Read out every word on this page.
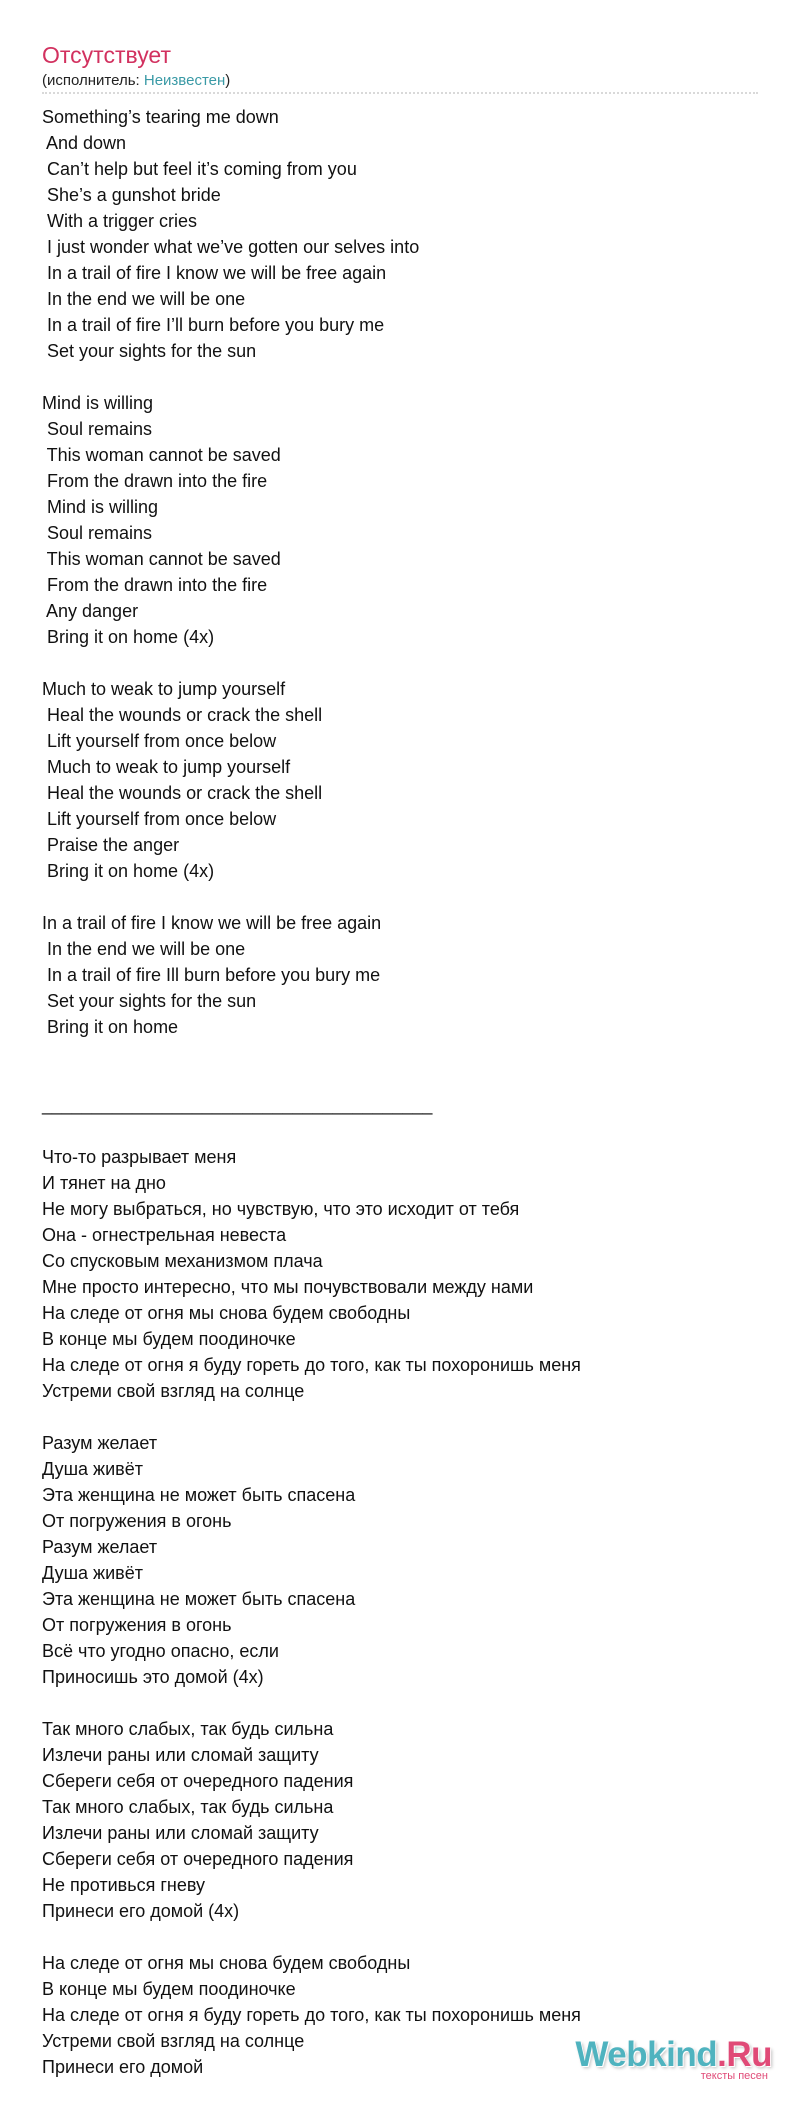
Отсутствует
(исполнитель: Неизвестен)
Something’s tearing me down
And down
Can’t help but feel it’s coming from you
She’s a gunshot bride
With a trigger cries
I just wonder what we’ve gotten our selves into
In a trail of fire I know we will be free again
In the end we will be one
In a trail of fire I’ll burn before you bury me
Set your sights for the sun
Mind is willing
Soul remains
This woman cannot be saved
From the drawn into the fire
Mind is willing
Soul remains
This woman cannot be saved
From the drawn into the fire
Any danger
Bring it on home (4x)
Much to weak to jump yourself
Heal the wounds or crack the shell
Lift yourself from once below
Much to weak to jump yourself
Heal the wounds or crack the shell
Lift yourself from once below
Praise the anger
Bring it on home (4x)
In a trail of fire I know we will be free again
In the end we will be one
In a trail of fire Ill burn before you bury me
Set your sights for the sun
Bring it on home
_______________________________________
Что-то разрывает меня
И тянет на дно
Не могу выбраться, но чувствую, что это исходит от тебя
Она - огнестрельная невеста
Со спусковым механизмом плача
Мне просто интересно, что мы почувствовали между нами
На следе от огня мы снова будем свободны
В конце мы будем поодиночке
На следе от огня я буду гореть до того, как ты похоронишь меня
Устреми свой взгляд на солнце
Разум желает
Душа живёт
Эта женщина не может быть спасена
От погружения в огонь
Разум желает
Душа живёт
Эта женщина не может быть спасена
От погружения в огонь
Всё что угодно опасно, если
Приносишь это домой (4x)
Так много слабых, так будь сильна
Излечи раны или сломай защиту
Сбереги себя от очередного падения
Так много слабых, так будь сильна
Излечи раны или сломай защиту
Сбереги себя от очередного падения
Не противься гневу
Принеси его домой (4x)
На следе от огня мы снова будем свободны
В конце мы будем поодиночке
На следе от огня я буду гореть до того, как ты похоронишь меня
Устреми свой взгляд на солнце
Принеси его домой	Webkind.Ru
тексты песен
